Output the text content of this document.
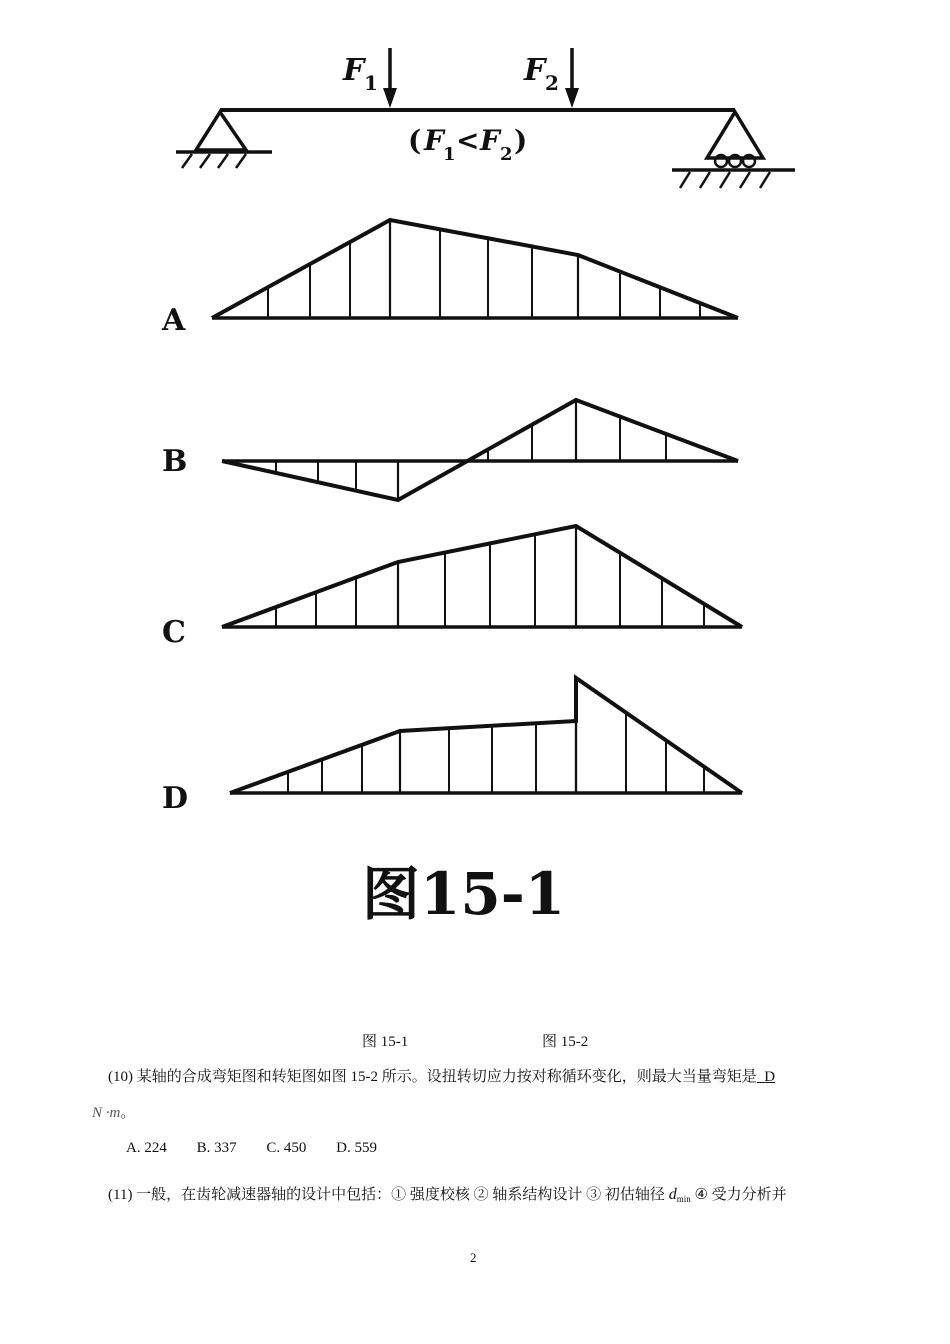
F 1	F 2
( F 1 < F 2 )
A
B
C
D
图15-1
图 15-1	图 15-2
(10) 某轴的合成弯矩图和转矩图如图 15-2 所示。设扭转切应力按对称循环变化，则最大当量弯矩是 D
N ·m。
A. 224 B. 337 C. 450 D. 559
(11) 一般，在齿轮减速器轴的设计中包括：① 强度校核 ② 轴系结构设计 ③ 初估轴径 dmin ④ 受力分析并
2
